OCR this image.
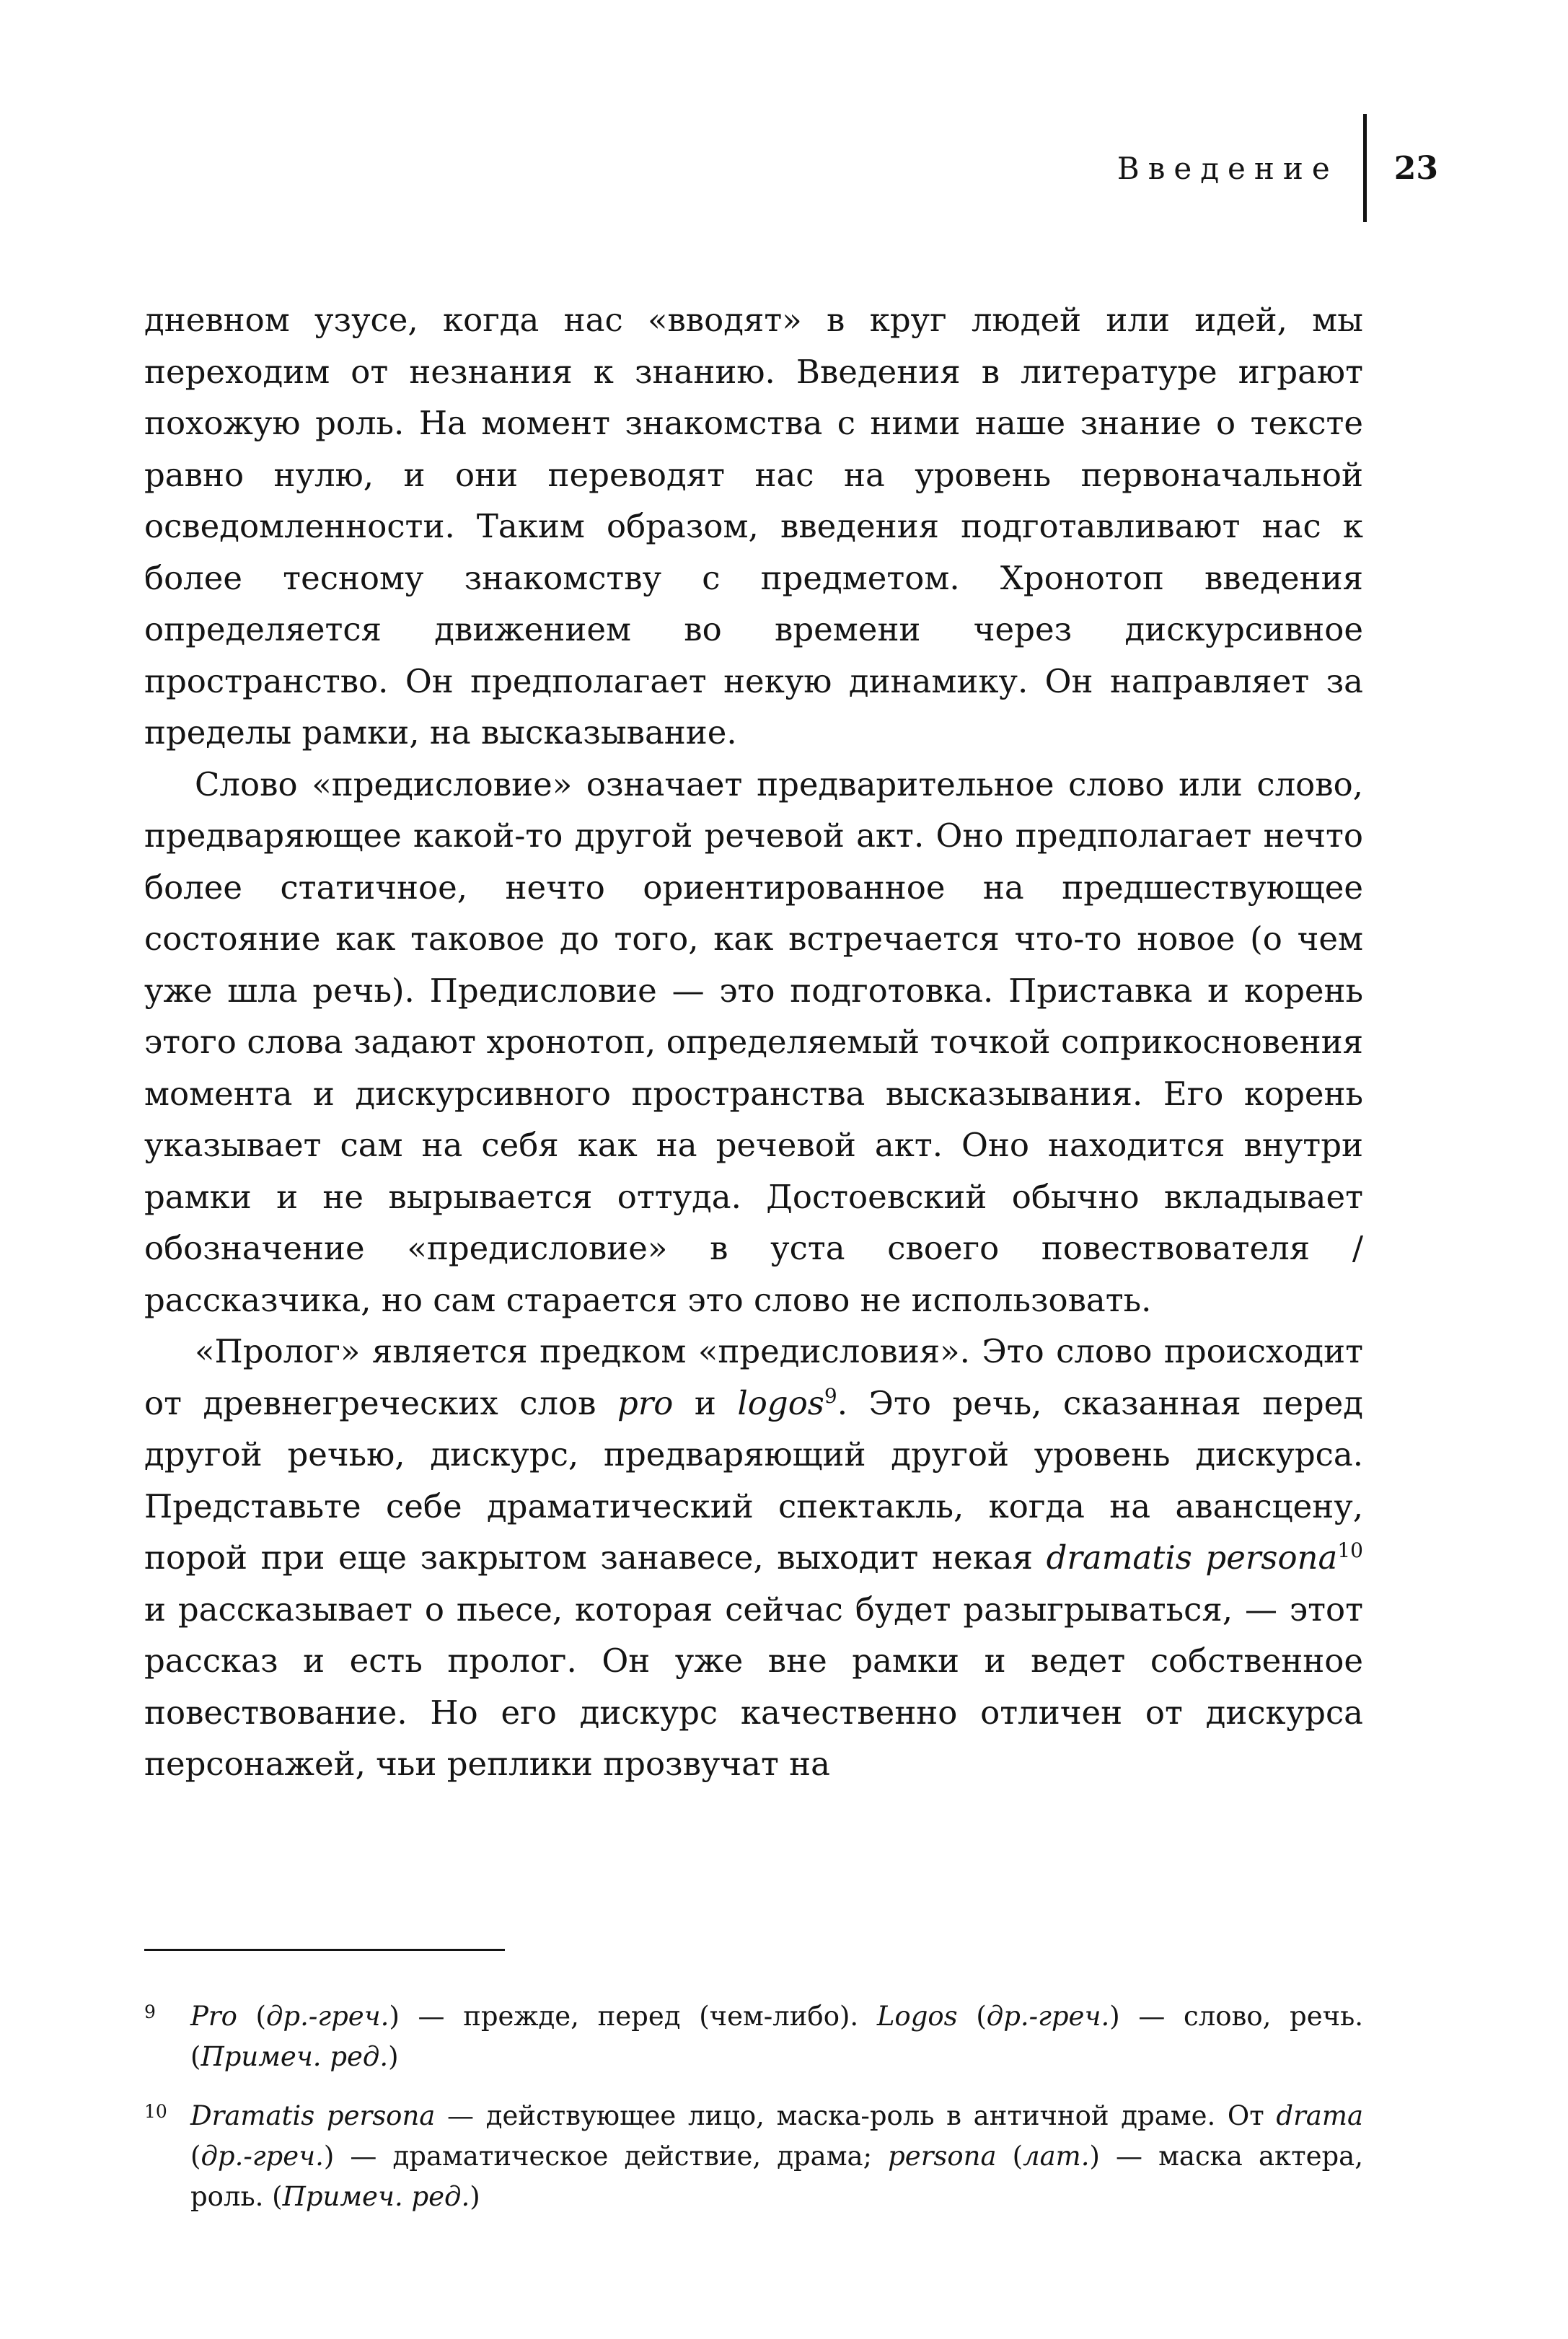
Введение 23

дневном узусе, когда нас «вводят» в круг людей или идей, мы переходим от незнания к знанию. Введения в литературе играют похожую роль. На момент знакомства с ними наше знание о тексте равно нулю, и они переводят нас на уровень первоначальной осведомленности. Таким образом, введения подготавливают нас к более тесному знакомству с предметом. Хронотоп введения определяется движением во времени через дискурсивное пространство. Он предполагает некую динамику. Он направляет за пределы рамки, на высказывание.

Слово «предисловие» означает предварительное слово или слово, предваряющее какой-то другой речевой акт. Оно предполагает нечто более статичное, нечто ориентированное на предшествующее состояние как таковое до того, как встречается что-то новое (о чем уже шла речь). Предисловие — это подготовка. Приставка и корень этого слова задают хронотоп, определяемый точкой соприкосновения момента и дискурсивного пространства высказывания. Его корень указывает сам на себя как на речевой акт. Оно находится внутри рамки и не вырывается оттуда. Достоевский обычно вкладывает обозначение «предисловие» в уста своего повествователя / рассказчика, но сам старается это слово не использовать.

«Пролог» является предком «предисловия». Это слово происходит от древнегреческих слов pro и logos$^9$. Это речь, сказанная перед другой речью, дискурс, предваряющий другой уровень дискурса. Представьте себе драматический спектакль, когда на авансцену, порой при еще закрытом занавесе, выходит некая dramatis persona$^{10}$ и рассказывает о пьесе, которая сейчас будет разыгрываться, — этот рассказ и есть пролог. Он уже вне рамки и ведет собственное повествование. Но его дискурс качественно отличен от дискурса персонажей, чьи реплики прозвучат на

9 Pro (др.-греч.) — прежде, перед (чем-либо). Logos (др.-греч.) — слово, речь. (Примеч. ред.)

10 Dramatis persona — действующее лицо, маска-роль в античной драме. От drama (др.-греч.) — драматическое действие, драма; persona (лат.) — маска актера, роль. (Примеч. ред.)
